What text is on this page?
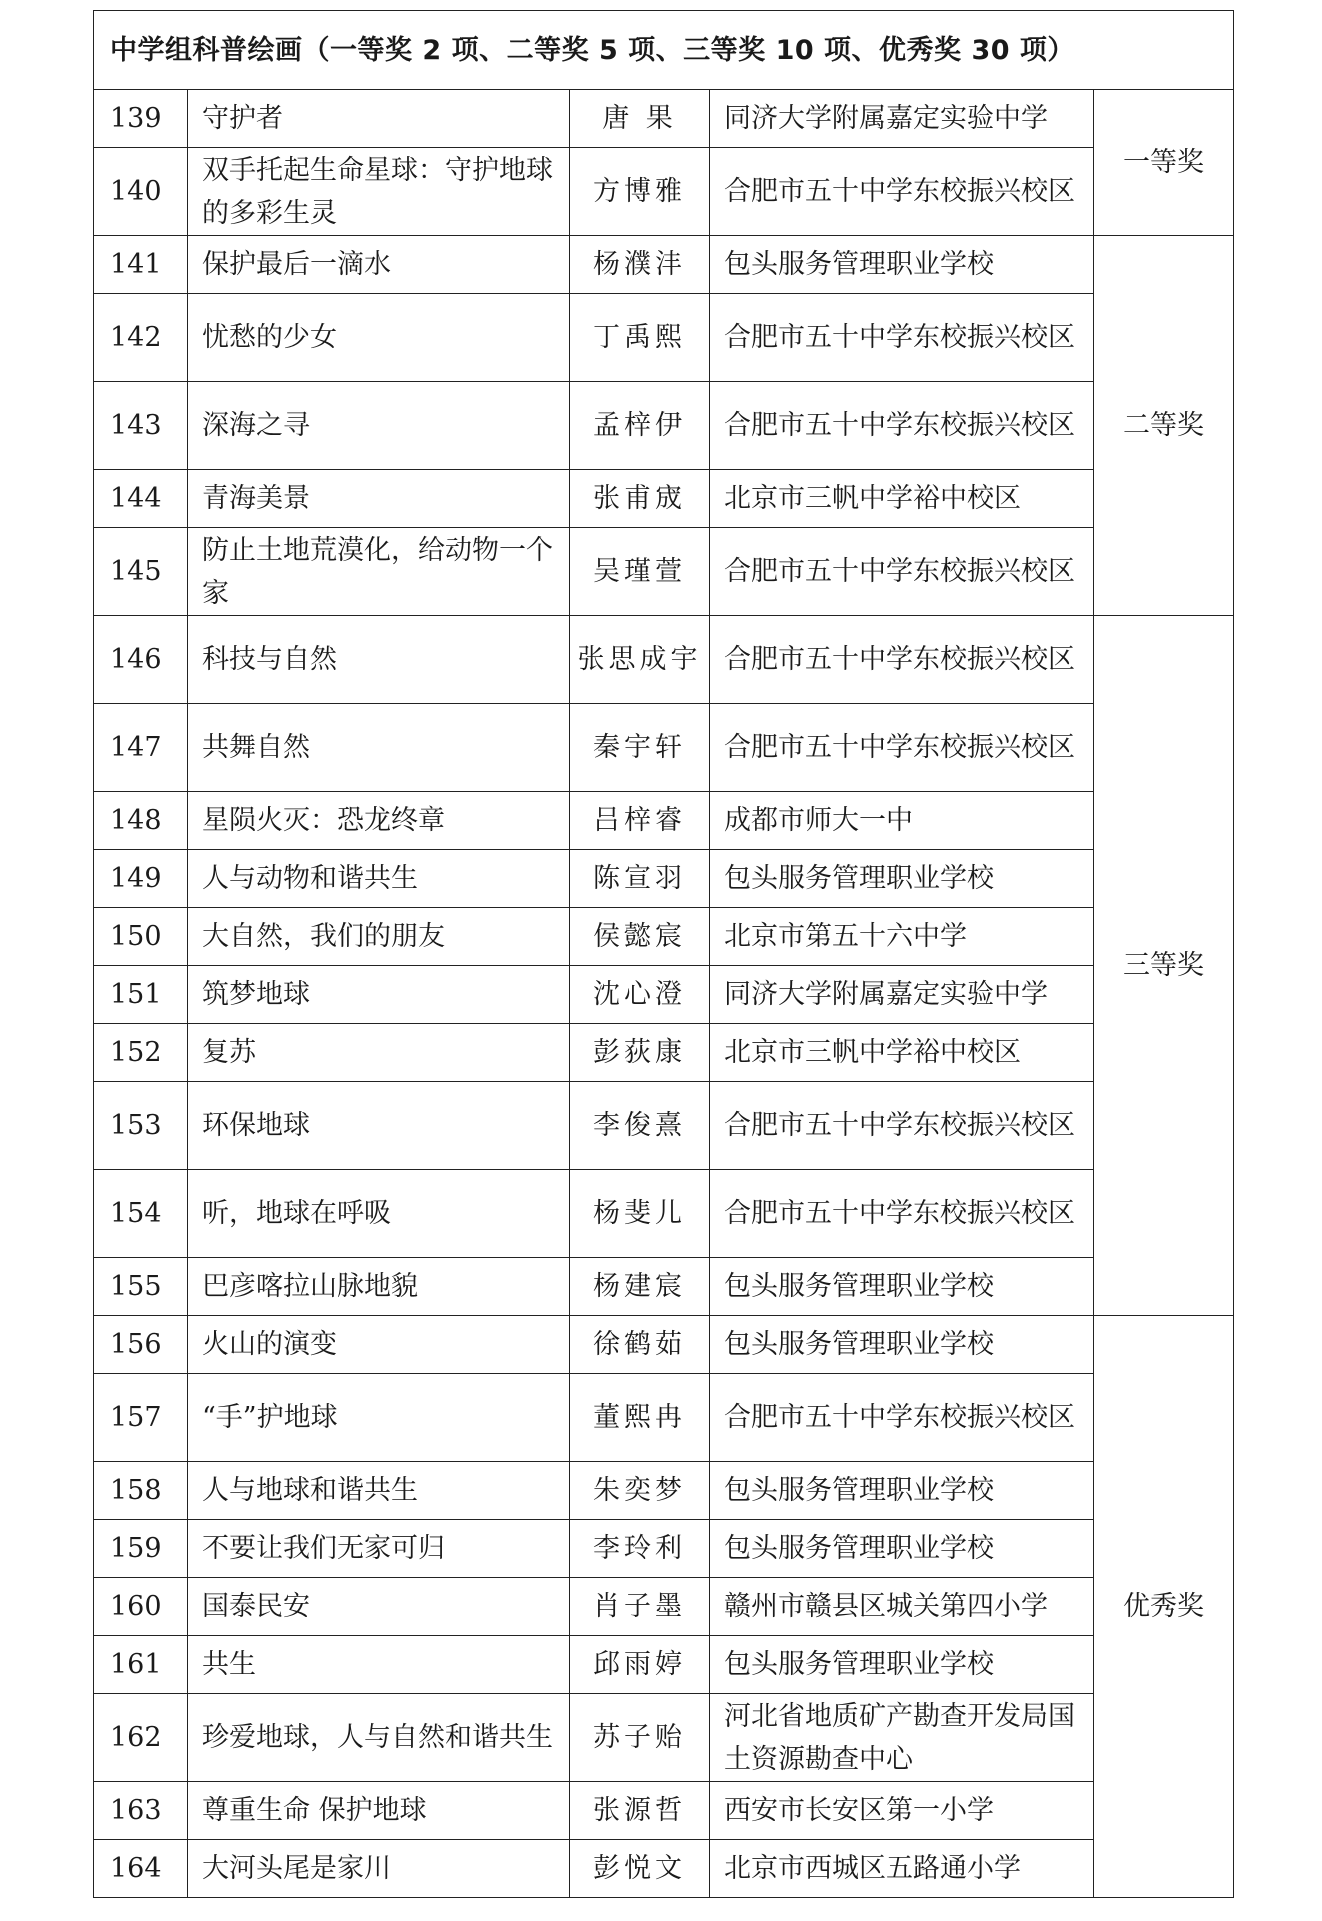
中学组科普绘画（一等奖 2 项、二等奖 5 项、三等奖 10 项、优秀奖 30 项）				
139	守护者	唐 果	同济大学附属嘉定实验中学	一等奖
140	双手托起生命星球：守护地球的多彩生灵	方博雅	合肥市五十中学东校振兴校区	
141	保护最后一滴水	杨濮沣	包头服务管理职业学校	二等奖
142	忧愁的少女	丁禹熙	合肥市五十中学东校振兴校区	
143	深海之寻	孟梓伊	合肥市五十中学东校振兴校区	
144	青海美景	张甫宬	北京市三帆中学裕中校区	
145	防止土地荒漠化，给动物一个家	吴瑾萱	合肥市五十中学东校振兴校区	
146	科技与自然	张思成宇	合肥市五十中学东校振兴校区	三等奖
147	共舞自然	秦宇轩	合肥市五十中学东校振兴校区	
148	星陨火灭：恐龙终章	吕梓睿	成都市师大一中	
149	人与动物和谐共生	陈宣羽	包头服务管理职业学校	
150	大自然，我们的朋友	侯懿宸	北京市第五十六中学	
151	筑梦地球	沈心澄	同济大学附属嘉定实验中学	
152	复苏	彭荻康	北京市三帆中学裕中校区	
153	环保地球	李俊熹	合肥市五十中学东校振兴校区	
154	听，地球在呼吸	杨斐儿	合肥市五十中学东校振兴校区	
155	巴彦喀拉山脉地貌	杨建宸	包头服务管理职业学校	
156	火山的演变	徐鹤茹	包头服务管理职业学校	优秀奖
157	“手”护地球	董熙冉	合肥市五十中学东校振兴校区	
158	人与地球和谐共生	朱奕梦	包头服务管理职业学校	
159	不要让我们无家可归	李玲利	包头服务管理职业学校	
160	国泰民安	肖子墨	赣州市赣县区城关第四小学	
161	共生	邱雨婷	包头服务管理职业学校	
162	珍爱地球，人与自然和谐共生	苏子贻	河北省地质矿产勘查开发局国土资源勘查中心	
163	尊重生命 保护地球	张源哲	西安市长安区第一小学	
164	大河头尾是家川	彭悦文	北京市西城区五路通小学	
